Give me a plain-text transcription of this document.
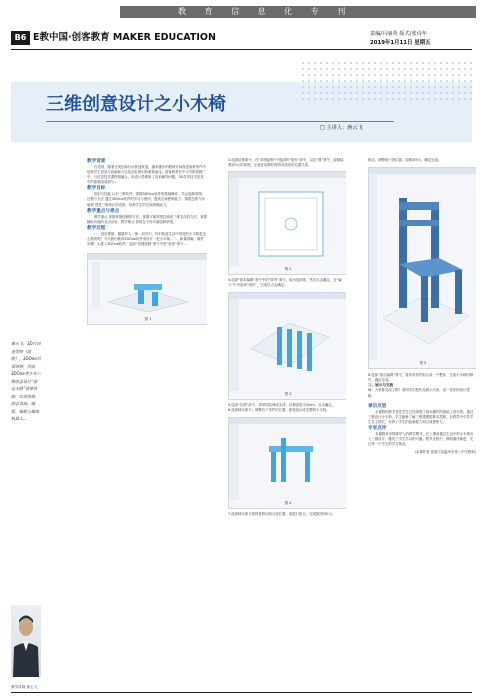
教 育 信 息 化 专 刊
B6 E教中国·创客教育 MAKER EDUCATION	责编/吕丽英 版式/张诗年
2019年1月11日 星期五
三维创意设计之小木椅
□ 主讲人：蒋云飞
蒋云飞，3D打印造型师（高级），3DOne培训讲师，资深3DOne青少年三维创意设计“创意无限”授课讲师、培训讲师、创意表演、编程、编程与媒体机器人...
教学讲师 蒋云飞
教学背景

在美国，随着全美创客行动快速发展，越来越多的教师开始将创客教育作为培养学生创造与创新能力以及创业意识的重要途径。创客教育在中小学阶段推广中，与信息技术课程相融合，用设计思维和工具来解决问题，3D打印技术是其中的重要组成部分...

教学目标

知识与技能 认识三维软件，掌握3DOne软件的基础操作，学会绘制草图；过程与方法 通过3DOne软件的学习与使用，提高空间想象能力；情感态度与价值观 感受三维设计的奇妙，培养学生的空间思维能力。

教学重点与难点

教学重点 掌握草图绘制的方法，掌握平面草图拉伸成三维实体的方法，掌握辅助功能的灵活应用。教学难点 如何在不同平面绘制草图。

教学过程

一、创设情境，激趣导入。师：同学们，你们知道生活中常见的小木椅是怎么做的吗？今天我们就用3DOne软件来设计一把小木椅。二、新课讲解。操作步骤：1.进入3DOne软件，选择“草图绘制”命令中的“矩形”命令...

图 1

3.选择拉伸命令，在“草图绘制”中选择的“矩形”命令，以及“圆”命令，绘制如图2所示的草图，注意在绘制时保持各线条的位置关系。

图 2

4.选择“基本编辑”命令中的“阵列”命令，给出选择体，然后点击确定。在“输入”中可选择“线性”，完成后点击确定。

图 3

5.选择“拉伸”命令，将草图拉伸成实体，拉伸高度为2mm，点击确定。

6.选择移动命令，调整各个零件的位置，使其组合成完整的小木椅。

图 4

7.选择移动命令将椅背移动到合适位置，再进行组合，完成如图5所示。

移动，调整椅子背位置，如图4所示，确定完成。

图 5

8.选择“组合编辑”命令，将所有零件组合成一个整体，完成小木椅的制作，确定完成。

三、展示与交流

师：大家都完成了吗？请同学们把作品展示出来，说一说你的设计思路。

课后反思

本课程的教学是在学生已经掌握了基本操作的基础上进行的。通过三维设计小木椅，学生能够了解三维建模的基本思路，在教学中引导学生自主探究，培养了学生的创新能力和空间想象力。

专家点评

本课程采用情境导入的教学模式，在上课前通过生活中的小木椅引入三维设计，激发了学生学习的兴趣。教学过程中，教师循序渐进，关注每一个学生的学习情况。

(本课作者 系浙江省温州市第八中学教师)
